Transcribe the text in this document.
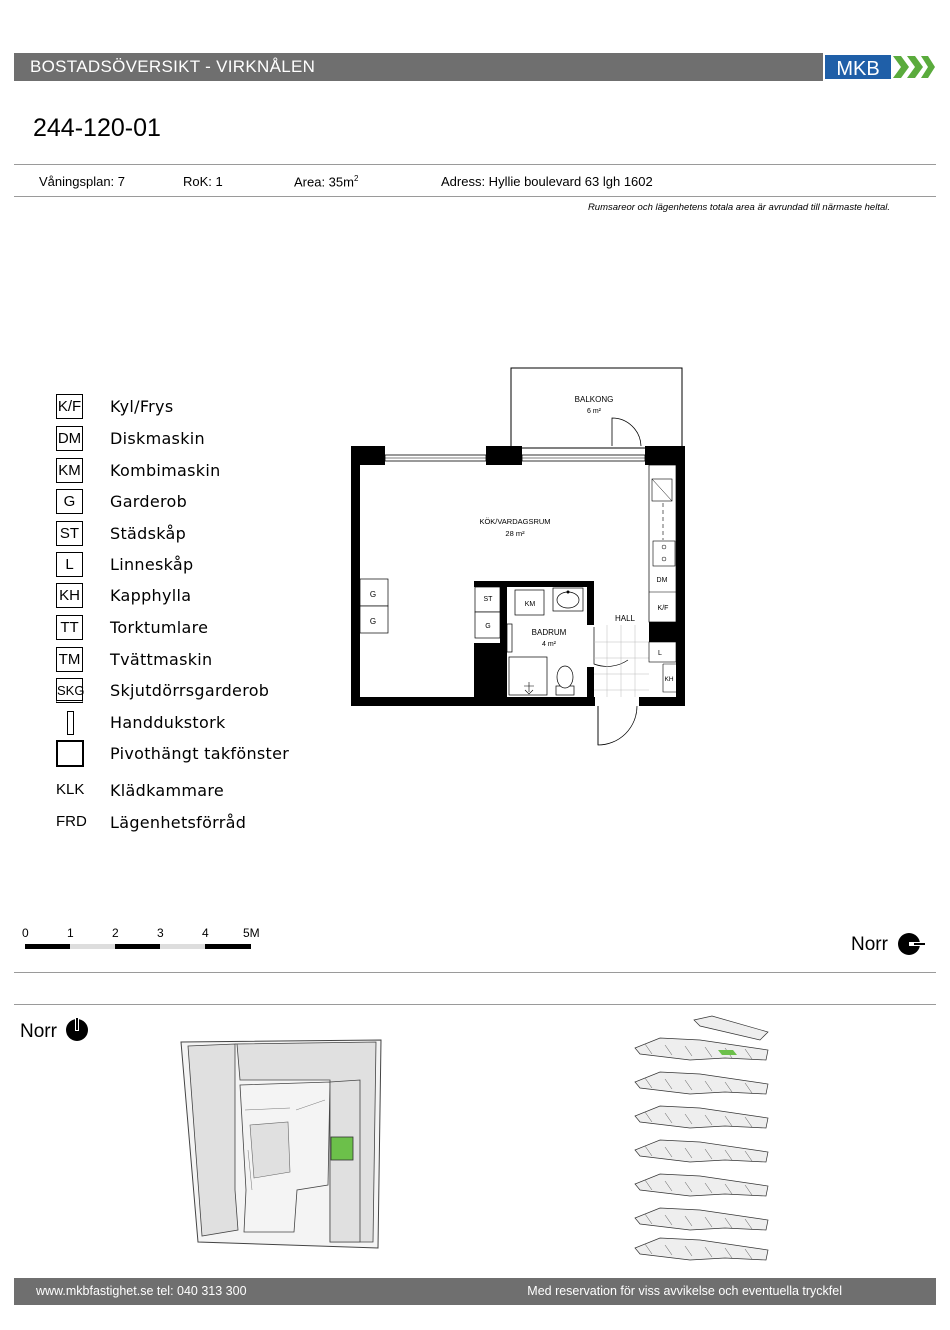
BOSTADSÖVERSIKT - VIRKNÅLEN	MKB
244-120-01
Våningsplan: 7	RoK: 1	Area: $35m^2$	Adress: Hyllie boulevard 63 lgh 1602
Rumsareor och lägenhetens totala area är avrundad till närmaste heltal.
K/F Kyl/Frys
DM Diskmaskin
KM Kombimaskin
G	Garderob
ST Städskåp
L	Linneskåp
KH Kapphylla
TT Torktumlare
TM Tvättmaskin
SKG Skjutdörrsgarderob
Handdukstork
Pivothängt takfönster
KLK Klädkammare
FRD Lägenhetsförråd
BALKONG
6 m²
KÖK/VARDAGSRUM
28 m²
BADRUM
4 m²
HALL
G
G
ST
G
KM
DM
K/F
L
KH
0	1	2	3	4	5M
Norr
Norr
www.mkbfastighet.se tel: 040 313 300	Med reservation för viss avvikelse och eventuella tryckfel
